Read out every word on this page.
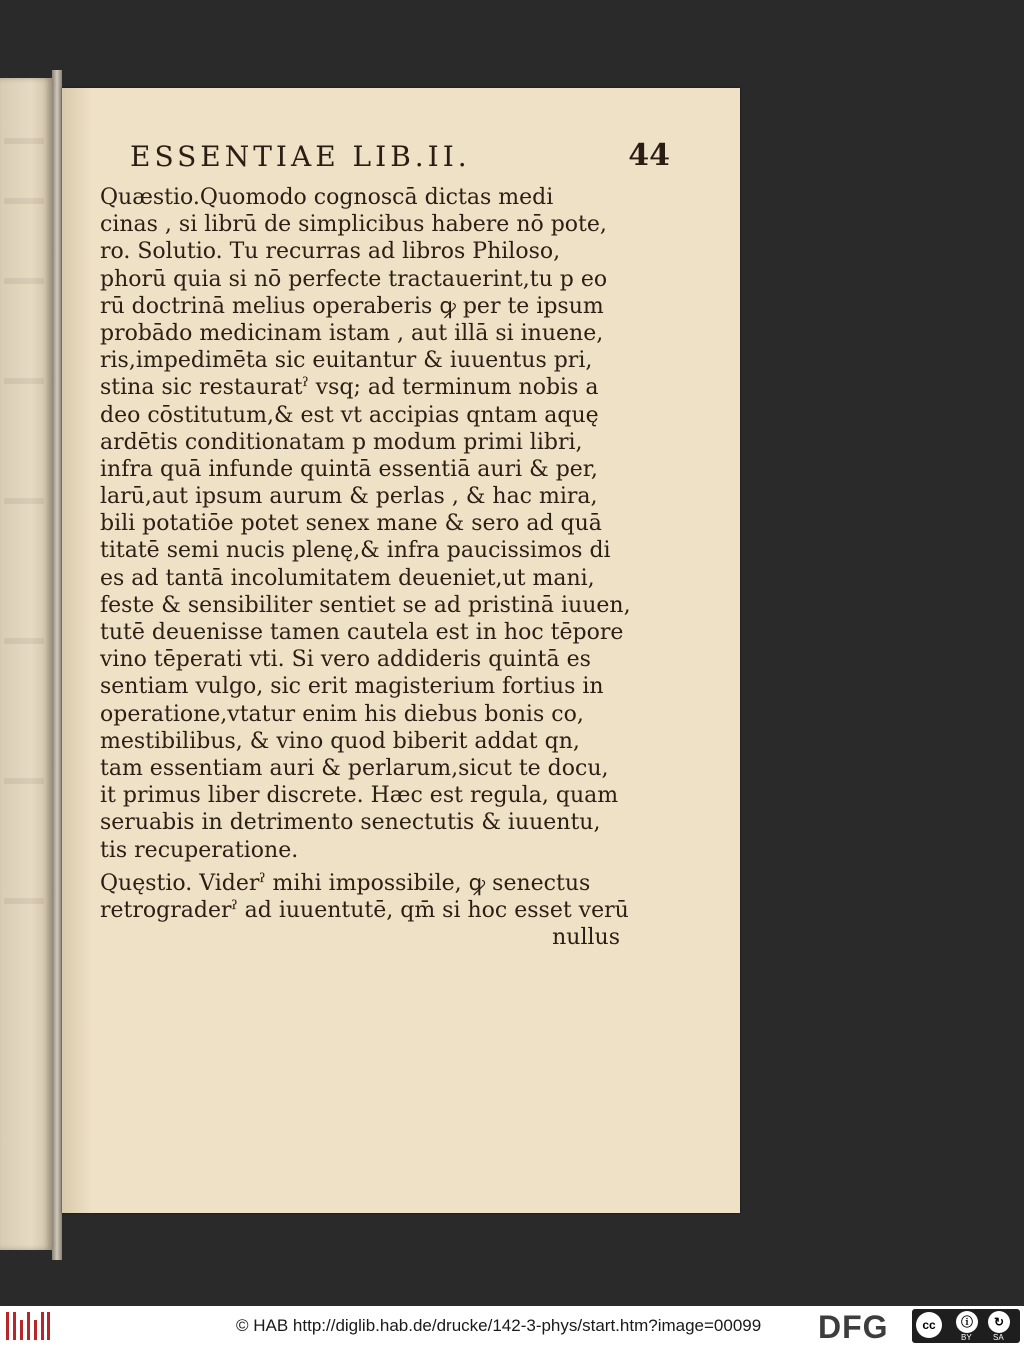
ESSENTIAE LIB.II.	44
Quæstio.Quomodo cognoscā dictas medi
cinas , si librū de simplicibus habere nō pote,
ro. Solutio. Tu recurras ad libros Philoso,
phorū quia si nō perfecte tractauerint,tu p eo
rū doctrinā melius operaberis ꝙ per te ipsum
probādo medicinam istam , aut illā si inuene,
ris,impedimēta sic euitantur & iuuentus pri,
stina sic restauratˀ vsq; ad terminum nobis a
deo cōstitutum,& est vt accipias qntam aquę
ardētis conditionatam p modum primi libri,
infra quā infunde quintā essentiā auri & per,
larū,aut ipsum aurum & perlas , & hac mira,
bili potatiōe potet senex mane & sero ad quā
titatē semi nucis plenę,& infra paucissimos di
es ad tantā incolumitatem deueniet,ut mani,
feste & sensibiliter sentiet se ad pristinā iuuen,
tutē deuenisse tamen cautela est in hoc tēpore
vino tēperati vti. Si vero addideris quintā es
sentiam vulgo, sic erit magisterium fortius in
operatione,vtatur enim his diebus bonis co,
mestibilibus, & vino quod biberit addat qn,
tam essentiam auri & perlarum,sicut te docu,
it primus liber discrete. Hæc est regula, quam
seruabis in detrimento senectutis & iuuentu,
tis recuperatione.
Quęstio. Viderˀ mihi impossibile, ꝙ senectus
retrograderˀ ad iuuentutē, qm̄ si hoc esset verū
nullus
© HAB http://diglib.hab.de/drucke/142-3-phys/start.htm?image=00099 DFG	cc	ⓘ	↻
BY	SA
